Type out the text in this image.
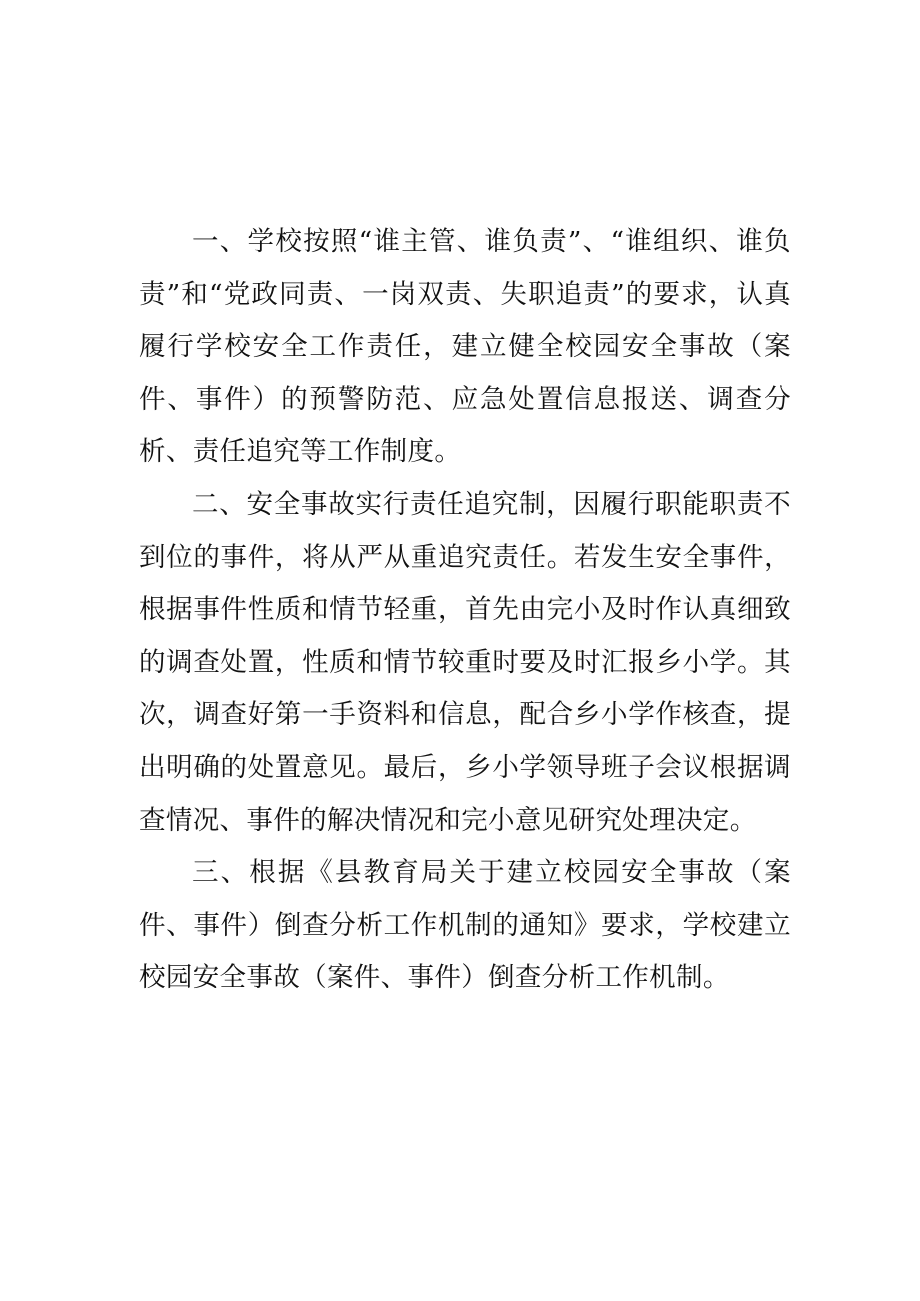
一、学校按照“谁主管、谁负责”、“谁组织、谁负责”和“党政同责、一岗双责、失职追责”的要求，认真履行学校安全工作责任，建立健全校园安全事故（案件、事件）的预警防范、应急处置信息报送、调查分析、责任追究等工作制度。

二、安全事故实行责任追究制，因履行职能职责不到位的事件，将从严从重追究责任。若发生安全事件，根据事件性质和情节轻重，首先由完小及时作认真细致的调查处置，性质和情节较重时要及时汇报乡小学。其次，调查好第一手资料和信息，配合乡小学作核查，提出明确的处置意见。最后，乡小学领导班子会议根据调查情况、事件的解决情况和完小意见研究处理决定。

三、根据《县教育局关于建立校园安全事故（案件、事件）倒查分析工作机制的通知》要求，学校建立校园安全事故（案件、事件）倒查分析工作机制。
